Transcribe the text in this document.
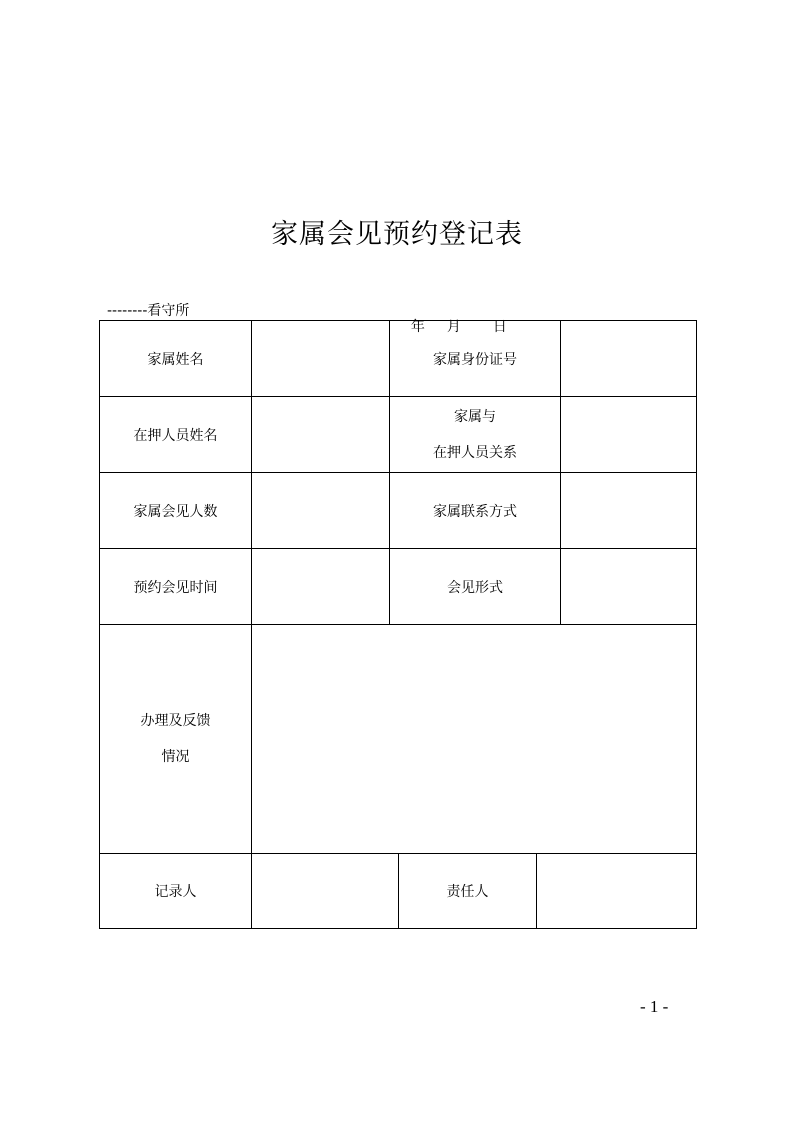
家属会见预约登记表
--------看守所

年 月 日

家属姓名		家属身份证号			
在押人员姓名		家属与
在押人员关系			

家属会见人数		家属联系方式			
预约会见时间		会见形式			

办理及反馈
情况					

记录人			责任人		
- 1 -
